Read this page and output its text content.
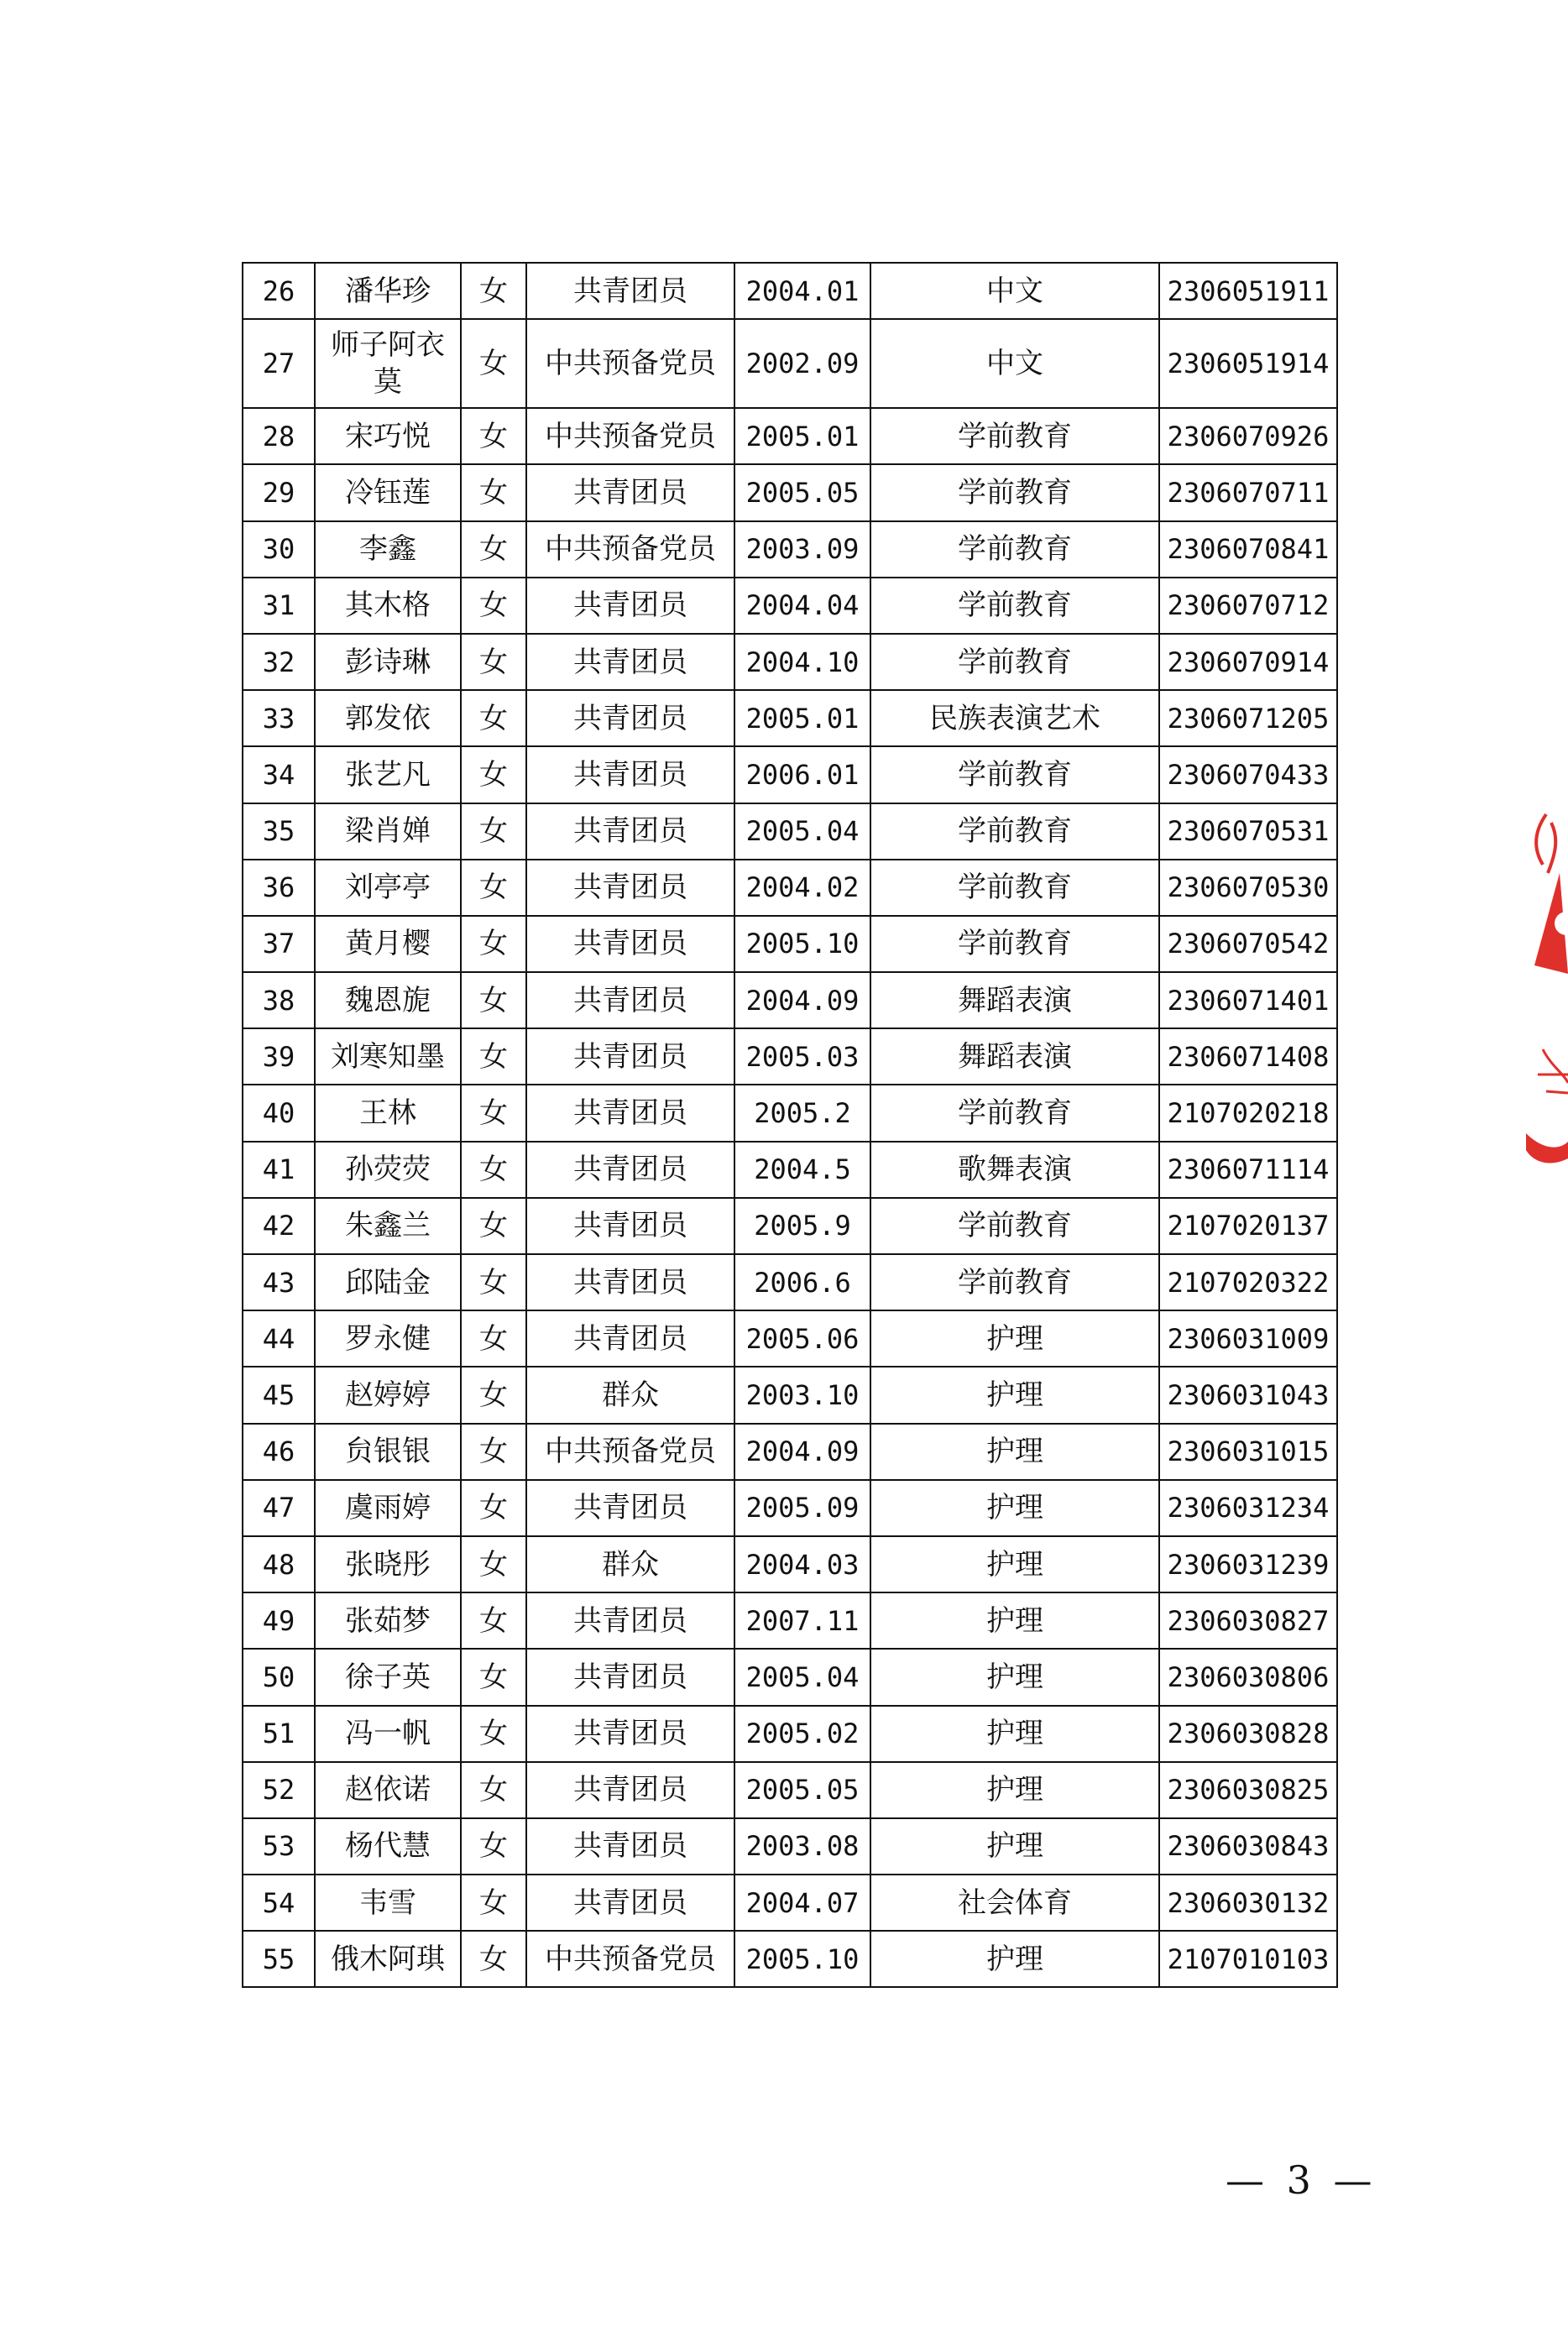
26	潘华珍	女	共青团员	2004.01	中文	2306051911
27	师子阿衣莫	女	中共预备党员	2002.09	中文	2306051914
28	宋巧悦	女	中共预备党员	2005.01	学前教育	2306070926
29	冷钰莲	女	共青团员	2005.05	学前教育	2306070711
30	李鑫	女	中共预备党员	2003.09	学前教育	2306070841
31	其木格	女	共青团员	2004.04	学前教育	2306070712
32	彭诗琳	女	共青团员	2004.10	学前教育	2306070914
33	郭发依	女	共青团员	2005.01	民族表演艺术	2306071205
34	张艺凡	女	共青团员	2006.01	学前教育	2306070433
35	梁肖婵	女	共青团员	2005.04	学前教育	2306070531
36	刘亭亭	女	共青团员	2004.02	学前教育	2306070530
37	黄月樱	女	共青团员	2005.10	学前教育	2306070542
38	魏恩旎	女	共青团员	2004.09	舞蹈表演	2306071401
39	刘寒知墨	女	共青团员	2005.03	舞蹈表演	2306071408
40	王林	女	共青团员	2005.2	学前教育	2107020218
41	孙荧荧	女	共青团员	2004.5	歌舞表演	2306071114
42	朱鑫兰	女	共青团员	2005.9	学前教育	2107020137
43	邱陆金	女	共青团员	2006.6	学前教育	2107020322
44	罗永健	女	共青团员	2005.06	护理	2306031009
45	赵婷婷	女	群众	2003.10	护理	2306031043
46	贠银银	女	中共预备党员	2004.09	护理	2306031015
47	虞雨婷	女	共青团员	2005.09	护理	2306031234
48	张晓彤	女	群众	2004.03	护理	2306031239
49	张茹梦	女	共青团员	2007.11	护理	2306030827
50	徐子英	女	共青团员	2005.04	护理	2306030806
51	冯一帆	女	共青团员	2005.02	护理	2306030828
52	赵依诺	女	共青团员	2005.05	护理	2306030825
53	杨代慧	女	共青团员	2003.08	护理	2306030843
54	韦雪	女	共青团员	2004.07	社会体育	2306030132
55	俄木阿琪	女	中共预备党员	2005.10	护理	2107010103
— 3 —
